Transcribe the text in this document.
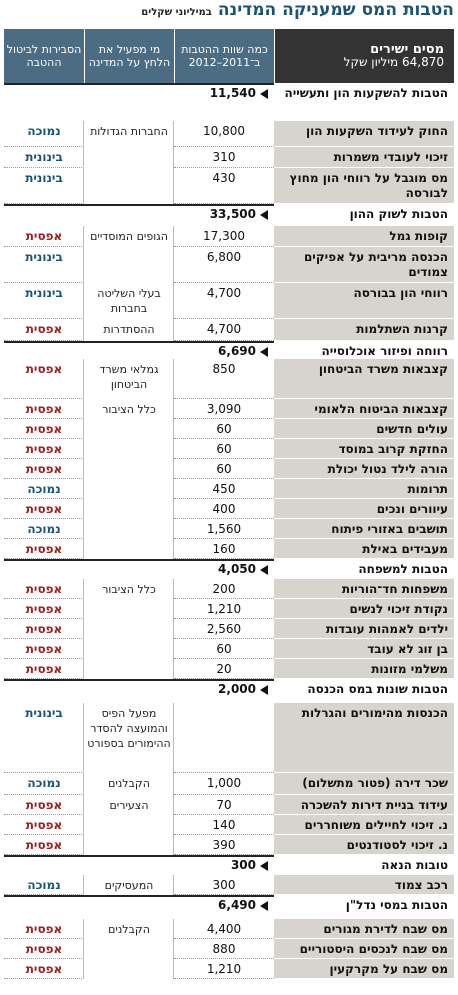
הטבות המס שמעניקה המדינה
במיליוני שקלים
מסים ישירים
64,870 מיליון שקל
כמה שוות ההטבות ב־2011–2012
מי מפעיל את הלחץ על המדינה
הסבירות לביטול ההטבה
הטבות להשקעות הון ותעשייה
11,540
החוק לעידוד השקעות הון
10,800
נמוכה
זיכוי לעובדי משמרות
310
בינונית
מס מוגבל על רווחי הון מחוץ לבורסה
430
בינונית
הטבות לשוק ההון
33,500
קופות גמל
17,300
אפסית
הכנסה מריבית על אפיקים צמודים
6,800
בינונית
רווחי הון בבורסה
4,700
בינונית
קרנות השתלמות
4,700
אפסית
רווחה ופיזור אוכלוסייה
6,690
קצבאות משרד הביטחון
850
אפסית
קצבאות הביטוח הלאומי
3,090
אפסית
עולים חדשים
60
אפסית
החזקת קרוב במוסד
60
אפסית
הורה לילד נטול יכולת
60
אפסית
תרומות
450
נמוכה
עיוורים ונכים
400
אפסית
תושבים באזורי פיתוח
1,560
נמוכה
מעבידים באילת
160
אפסית
הטבות למשפחה
4,050
משפחות חד־הוריות
200
אפסית
נקודת זיכוי לנשים
1,210
אפסית
ילדים לאמהות עובדות
2,560
אפסית
בן זוג לא עובד
60
אפסית
משלמי מזונות
20
אפסית
הטבות שונות במס הכנסה
2,000
הכנסות מהימורים והגרלות
בינונית
שכר דירה (פטור מתשלום)
1,000
נמוכה
עידוד בניית דירות להשכרה
70
אפסית
נ. זיכוי לחיילים משוחררים
140
אפסית
נ. זיכוי לסטודנטים
390
אפסית
טובות הנאה
300
רכב צמוד
300
נמוכה
הטבות במסי נדל"ן
6,490
מס שבח לדירת מגורים
4,400
אפסית
מס שבח לנכסים היסטוריים
880
אפסית
מס שבח על מקרקעין
1,210
אפסית
החברות הגדולות
הגופים המוסדיים
בעלי השליטה בחברות
ההסתדרות
גמלאי משרד הביטחון
כלל הציבור
כלל הציבור
מפעל הפיס והמועצה להסדר ההימורים בספורט
הקבלנים
הצעירים
המעסיקים
הקבלנים
